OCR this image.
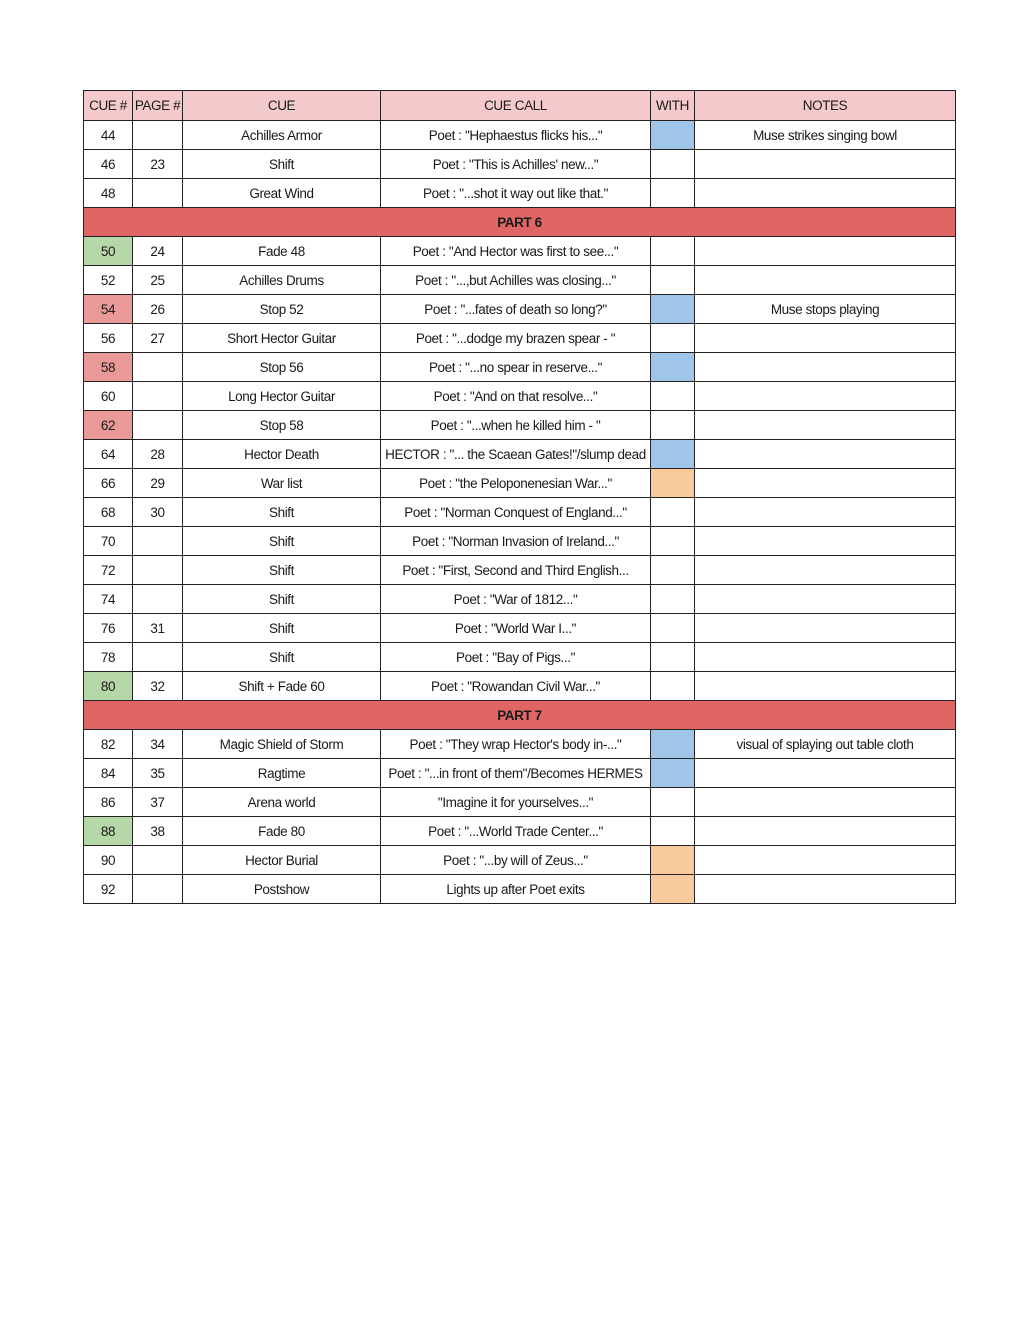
CUE #	PAGE #	CUE	CUE CALL	WITH	NOTES
44		Achilles Armor	Poet : "Hephaestus flicks his..."		Muse strikes singing bowl
46	23	Shift	Poet : "This is Achilles' new..."		
48		Great Wind	Poet : "...shot it way out like that."		
PART 6					
50	24	Fade 48	Poet : "And Hector was first to see..."		
52	25	Achilles Drums	Poet : "...,but Achilles was closing..."		
54	26	Stop 52	Poet : "...fates of death so long?"		Muse stops playing
56	27	Short Hector Guitar	Poet : "...dodge my brazen spear - "		
58		Stop 56	Poet : "...no spear in reserve..."		
60		Long Hector Guitar	Poet : "And on that resolve..."		
62		Stop 58	Poet : "...when he killed him - "		
64	28	Hector Death	HECTOR : "... the Scaean Gates!"/slump dead		
66	29	War list	Poet : "the Peloponenesian War..."		
68	30	Shift	Poet : "Norman Conquest of England..."		
70		Shift	Poet : "Norman Invasion of Ireland..."		
72		Shift	Poet : "First, Second and Third English...		
74		Shift	Poet : "War of 1812..."		
76	31	Shift	Poet : "World War I..."		
78		Shift	Poet : "Bay of Pigs..."		
80	32	Shift + Fade 60	Poet : "Rowandan Civil War..."		
PART 7					
82	34	Magic Shield of Storm	Poet : "They wrap Hector's body in-..."		visual of splaying out table cloth
84	35	Ragtime	Poet : "...in front of them"/Becomes HERMES		
86	37	Arena world	"Imagine it for yourselves..."		
88	38	Fade 80	Poet : "...World Trade Center..."		
90		Hector Burial	Poet : "...by will of Zeus..."		
92		Postshow	Lights up after Poet exits		
